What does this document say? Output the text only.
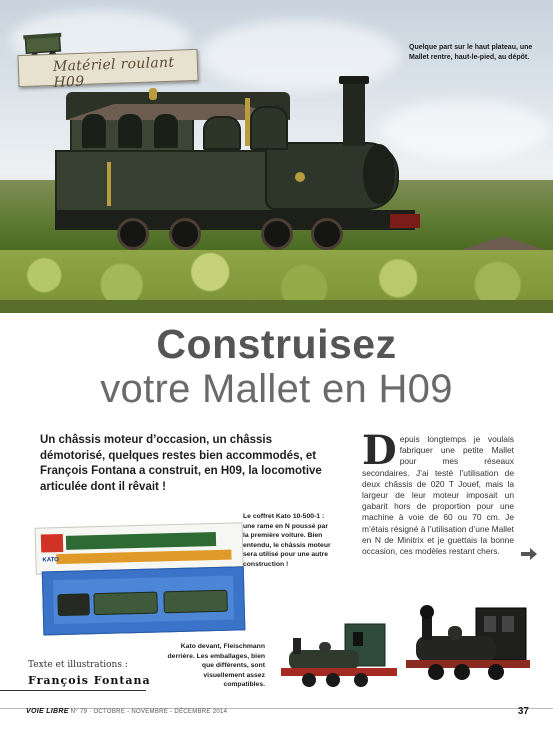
Matériel roulant H09
Quelque part sur le haut plateau, une Mallet rentre, haut-le-pied, au dépôt.
Construisez
votre Mallet en H09
Un châssis moteur d’occasion, un châssis démotorisé, quelques restes bien accommodés, et François Fontana a construit, en H09, la locomotive articulée dont il rêvait !
Depuis longtemps je voulais fabriquer une petite Mallet pour mes réseaux secondaires. J’ai testé l’utilisation de deux châssis de 020 T Jouef, mais la largeur de leur moteur imposait un gabarit hors de proportion pour une machine à voie de 60 ou 70 cm. Je m’étais résigné à l’utilisation d’une Mallet en N de Minitrix et je guettais la bonne occasion, ces modèles restant chers.
KATO
Le coffret Kato 10-500-1 : une rame en N poussé par la première voiture. Bien entendu, le châssis moteur sera utilisé pour une autre construction !
Kato devant, Fleischmann derrière. Les emballages, bien que différents, sont visuellement assez compatibles.
Texte et illustrations :
François Fontana
VOIE LIBRE N° 79 · OCTOBRE - NOVEMBRE - DÉCEMBRE 2014	37
